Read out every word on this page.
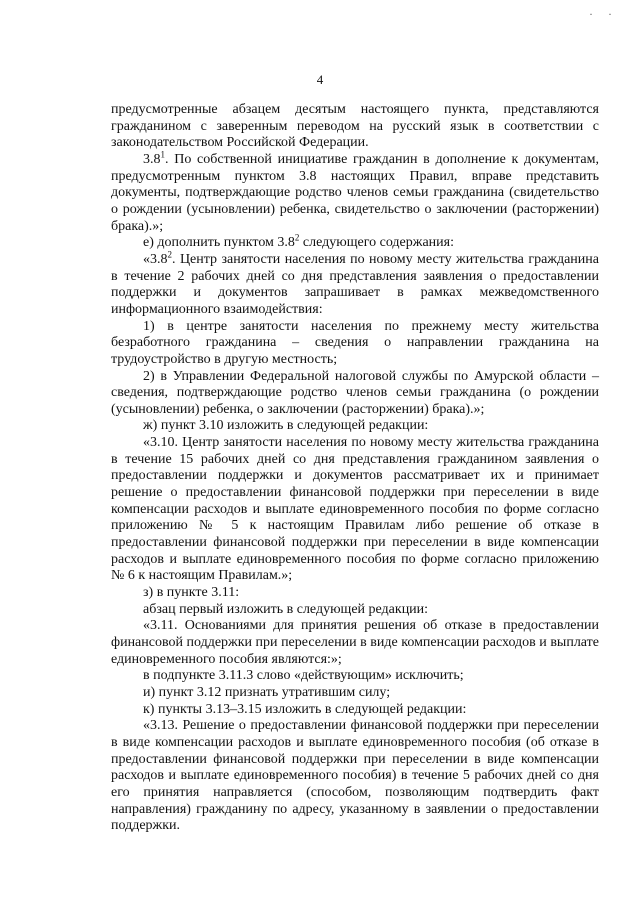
· ·
4

предусмотренные абзацем десятым настоящего пункта, представляются гражданином с заверенным переводом на русский язык в соответствии с законодательством Российской Федерации.

$3.8^1$. По собственной инициативе гражданин в дополнение к документам, предусмотренным пунктом 3.8 настоящих Правил, вправе представить документы, подтверждающие родство членов семьи гражданина (свидетельство о рождении (усыновлении) ребенка, свидетельство о заключении (расторжении) брака).»;

е) дополнить пунктом $3.8^2$ следующего содержания:

«$3.8^2$. Центр занятости населения по новому месту жительства гражданина в течение 2 рабочих дней со дня представления заявления о предоставлении поддержки и документов запрашивает в рамках межведомственного информационного взаимодействия:

1) в центре занятости населения по прежнему месту жительства безработного гражданина – сведения о направлении гражданина на трудоустройство в другую местность;

2) в Управлении Федеральной налоговой службы по Амурской области – сведения, подтверждающие родство членов семьи гражданина (о рождении (усыновлении) ребенка, о заключении (расторжении) брака).»;

ж) пункт 3.10 изложить в следующей редакции:

«3.10. Центр занятости населения по новому месту жительства гражданина в течение 15 рабочих дней со дня представления гражданином заявления о предоставлении поддержки и документов рассматривает их и принимает решение о предоставлении финансовой поддержки при переселении в виде компенсации расходов и выплате единовременного пособия по форме согласно приложению № 5 к настоящим Правилам либо решение об отказе в предоставлении финансовой поддержки при переселении в виде компенсации расходов и выплате единовременного пособия по форме согласно приложению № 6 к настоящим Правилам.»;

з) в пункте 3.11:

абзац первый изложить в следующей редакции:

«3.11. Основаниями для принятия решения об отказе в предоставлении финансовой поддержки при переселении в виде компенсации расходов и выплате единовременного пособия являются:»;

в подпункте 3.11.3 слово «действующим» исключить;

и) пункт 3.12 признать утратившим силу;

к) пункты 3.13–3.15 изложить в следующей редакции:

«3.13. Решение о предоставлении финансовой поддержки при переселении в виде компенсации расходов и выплате единовременного пособия (об отказе в предоставлении финансовой поддержки при переселении в виде компенсации расходов и выплате единовременного пособия) в течение 5 рабочих дней со дня его принятия направляется (способом, позволяющим подтвердить факт направления) гражданину по адресу, указанному в заявлении о предоставлении поддержки.
